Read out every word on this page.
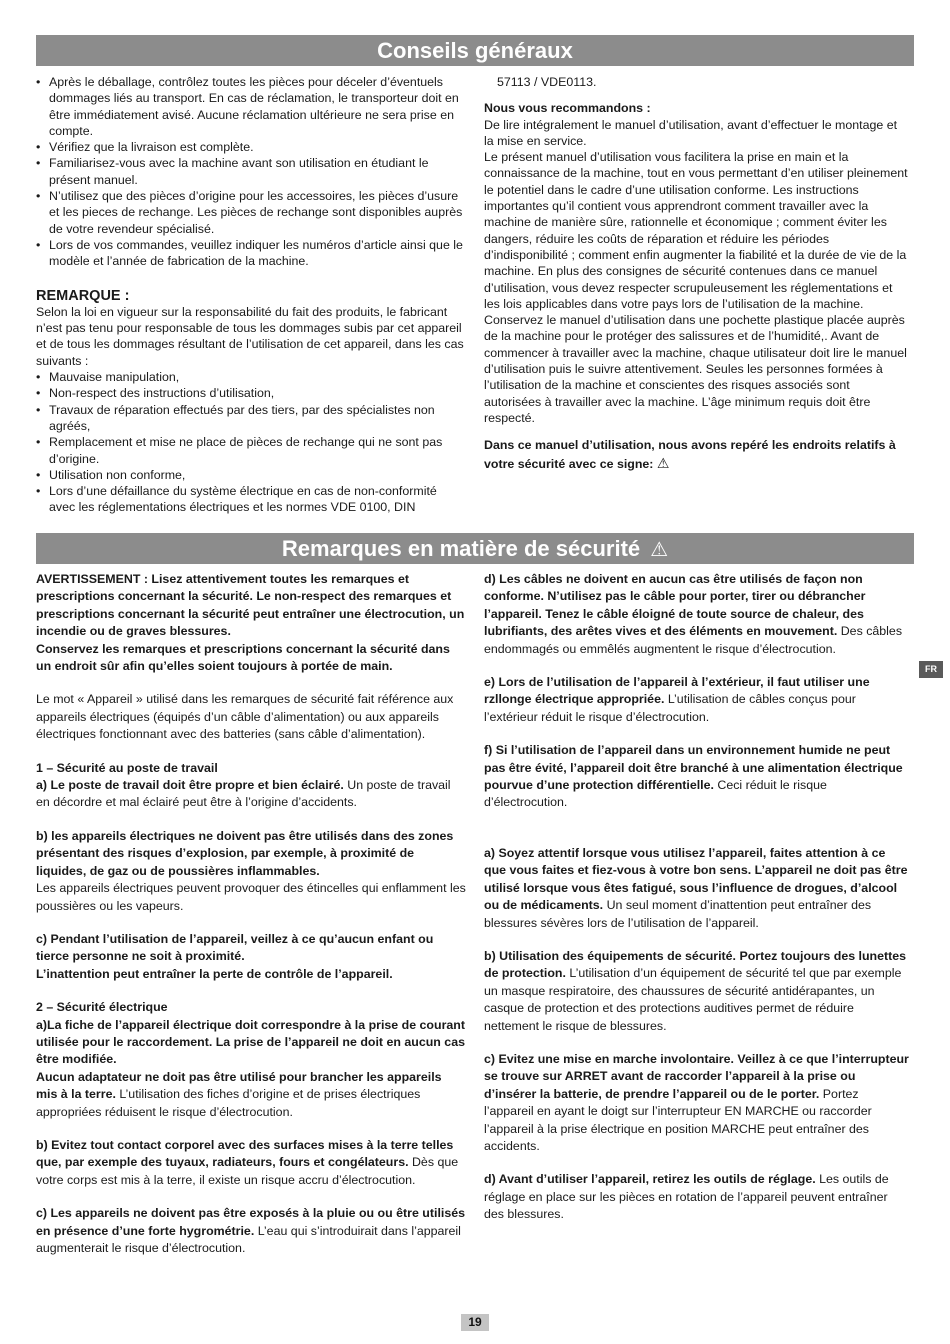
Conseils généraux
• Après le déballage, contrôlez toutes les pièces pour déceler d’éventuels dommages liés au transport. En cas de réclamation, le transporteur doit en être immédiatement avisé. Aucune réclamation ultérieure ne sera prise en compte.
• Vérifiez que la livraison est complète.
• Familiarisez-vous avec la machine avant son utilisation en étudiant le présent manuel.
• N’utilisez que des pièces d’origine pour les accessoires, les pièces d’usure et les pieces de rechange. Les pièces de rechange sont disponibles auprès de votre revendeur spécialisé.
• Lors de vos commandes, veuillez indiquer les numéros d’article ainsi que le modèle et l’année de fabrication de la machine.

REMARQUE :

Selon la loi en vigueur sur la responsabilité du fait des produits, le fabricant n’est pas tenu pour responsable de tous les dommages subis par cet appareil et de tous les dommages résultant de l’utilisation de cet appareil, dans les cas suivants :

• Mauvaise manipulation,
• Non-respect des instructions d’utilisation,
• Travaux de réparation effectués par des tiers, par des spécialistes non agréés,
• Remplacement et mise ne place de pièces de rechange qui ne sont pas d’origine.
• Utilisation non conforme,
• Lors d’une défaillance du système électrique en cas de non-conformité avec les réglementations électriques et les normes VDE 0100, DIN

57113 / VDE0113.

Nous vous recommandons :

De lire intégralement le manuel d’utilisation, avant d’effectuer le montage et la mise en service.

Le présent manuel d’utilisation vous facilitera la prise en main et la connaissance de la machine, tout en vous permettant d’en utiliser pleinement le potentiel dans le cadre d’une utilisation conforme. Les instructions importantes qu’il contient vous apprendront comment travailler avec la machine de manière sûre, rationnelle et économique ; comment éviter les dangers, réduire les coûts de réparation et réduire les périodes d’indisponibilité ; comment enfin augmenter la fiabilité et la durée de vie de la machine. En plus des consignes de sécurité contenues dans ce manuel d’utilisation, vous devez respecter scrupuleusement les réglementations et les lois applicables dans votre pays lors de l’utilisation de la machine.

Conservez le manuel d’utilisation dans une pochette plastique placée auprès de la machine pour le protéger des salissures et de l’humidité,. Avant de commencer à travailler avec la machine, chaque utilisateur doit lire le manuel d’utilisation puis le suivre attentivement. Seules les personnes formées à l’utilisation de la machine et conscientes des risques associés sont autorisées à travailler avec la machine. L’âge minimum requis doit être respecté.

Dans ce manuel d’utilisation, nous avons repéré les endroits relatifs à votre sécurité avec ce signe: ⚠

Remarques en matière de sécurité ⚠

AVERTISSEMENT : Lisez attentivement toutes les remarques et prescriptions concernant la sécurité. Le non-respect des remarques et prescriptions concernant la sécurité peut entraîner une électrocution, un incendie ou de graves blessures.

Conservez les remarques et prescriptions concernant la sécurité dans un endroit sûr afin qu’elles soient toujours à portée de main.

Le mot « Appareil » utilisé dans les remarques de sécurité fait référence aux appareils électriques (équipés d’un câble d’alimentation) ou aux appareils électriques fonctionnant avec des batteries (sans câble d’alimentation).

1 – Sécurité au poste de travail

a) Le poste de travail doit être propre et bien éclairé. Un poste de travail en décordre et mal éclairé peut être à l’origine d’accidents.

b) les appareils électriques ne doivent pas être utilisés dans des zones présentant des risques d’explosion, par exemple, à proximité de liquides, de gaz ou de poussières inflammables.

Les appareils électriques peuvent provoquer des étincelles qui enflamment les poussières ou les vapeurs.

c) Pendant l’utilisation de l’appareil, veillez à ce qu’aucun enfant ou tierce personne ne soit à proximité.

L’inattention peut entraîner la perte de contrôle de l’appareil.

2 – Sécurité électrique

a)La fiche de l’appareil électrique doit correspondre à la prise de courant utilisée pour le raccordement. La prise de l’appareil ne doit en aucun cas être modifiée.

Aucun adaptateur ne doit pas être utilisé pour brancher les appareils mis à la terre. L’utilisation des fiches d’origine et de prises électriques appropriées réduisent le risque d’électrocution.

b) Evitez tout contact corporel avec des surfaces mises à la terre telles que, par exemple des tuyaux, radiateurs, fours et congélateurs. Dès que votre corps est mis à la terre, il existe un risque accru d’électrocution.

c) Les appareils ne doivent pas être exposés à la pluie ou ou être utilisés en présence d’une forte hygrométrie. L’eau qui s’introduirait dans l’appareil augmenterait le risque d’électrocution.

d) Les câbles ne doivent en aucun cas être utilisés de façon non conforme. N’utilisez pas le câble pour porter, tirer ou débrancher l’appareil. Tenez le câble éloigné de toute source de chaleur, des lubrifiants, des arêtes vives et des éléments en mouvement. Des câbles endommagés ou emmêlés augmentent le risque d’électrocution.

e) Lors de l’utilisation de l’appareil à l’extérieur, il faut utiliser une rzllonge électrique appropriée. L’utilisation de câbles conçus pour l’extérieur réduit le risque d’électrocution.

f) Si l’utilisation de l’appareil dans un environnement humide ne peut pas être évité, l’appareil doit être branché à une alimentation électrique pourvue d’une protection différentielle. Ceci réduit le risque d’électrocution.

a) Soyez attentif lorsque vous utilisez l’appareil, faites attention à ce que vous faites et fiez-vous à votre bon sens. L’appareil ne doit pas être utilisé lorsque vous êtes fatigué, sous l’influence de drogues, d’alcool ou de médicaments. Un seul moment d’inattention peut entraîner des blessures sévères lors de l’utilisation de l’appareil.

b) Utilisation des équipements de sécurité. Portez toujours des lunettes de protection. L’utilisation d’un équipement de sécurité tel que par exemple un masque respiratoire, des chaussures de sécurité antidérapantes, un casque de protection et des protections auditives permet de réduire nettement le risque de blessures.

c) Evitez une mise en marche involontaire. Veillez à ce que l’interrupteur se trouve sur ARRET avant de raccorder l’appareil à la prise ou d’insérer la batterie, de prendre l’appareil ou de le porter. Portez l’appareil en ayant le doigt sur l’interrupteur EN MARCHE ou raccorder l’appareil à la prise électrique en position MARCHE peut entraîner des accidents.

d) Avant d’utiliser l’appareil, retirez les outils de réglage. Les outils de réglage en place sur les pièces en rotation de l’appareil peuvent entraîner des blessures.

FR
19
